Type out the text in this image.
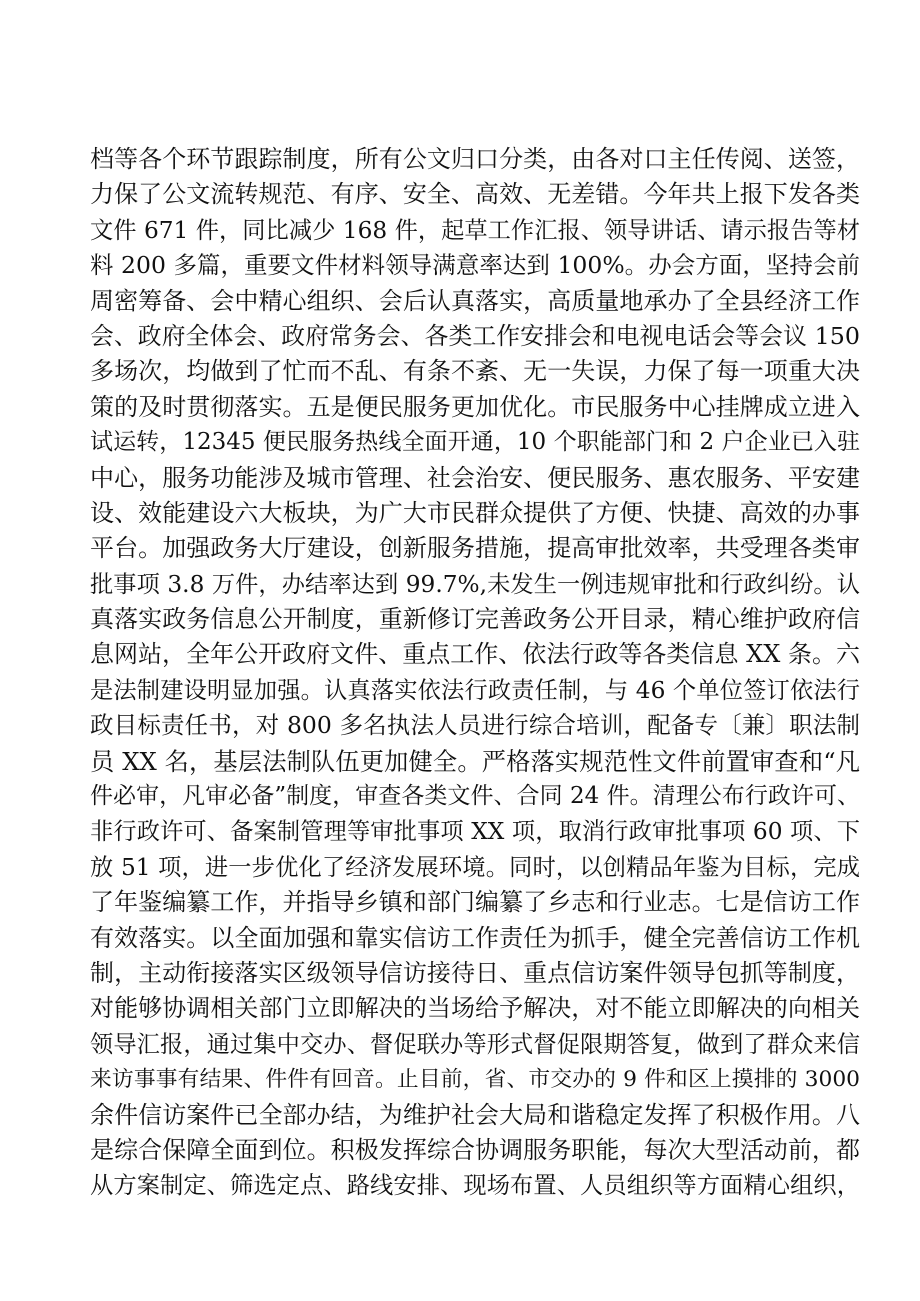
档等各个环节跟踪制度，所有公文归口分类，由各对口主任传阅、送签，
力保了公文流转规范、有序、安全、高效、无差错。今年共上报下发各类
文件 671 件，同比减少 168 件，起草工作汇报、领导讲话、请示报告等材
料 200 多篇，重要文件材料领导满意率达到 100%。办会方面，坚持会前
周密筹备、会中精心组织、会后认真落实，高质量地承办了全县经济工作
会、政府全体会、政府常务会、各类工作安排会和电视电话会等会议 150
多场次，均做到了忙而不乱、有条不紊、无一失误，力保了每一项重大决
策的及时贯彻落实。五是便民服务更加优化。市民服务中心挂牌成立进入
试运转，12345 便民服务热线全面开通，10 个职能部门和 2 户企业已入驻
中心，服务功能涉及城市管理、社会治安、便民服务、惠农服务、平安建
设、效能建设六大板块，为广大市民群众提供了方便、快捷、高效的办事
平台。加强政务大厅建设，创新服务措施，提高审批效率，共受理各类审
批事项 3.8 万件，办结率达到 99.7%,未发生一例违规审批和行政纠纷。认
真落实政务信息公开制度，重新修订完善政务公开目录，精心维护政府信
息网站，全年公开政府文件、重点工作、依法行政等各类信息 XX 条。六
是法制建设明显加强。认真落实依法行政责任制，与 46 个单位签订依法行
政目标责任书，对 800 多名执法人员进行综合培训，配备专〔兼〕职法制
员 XX 名，基层法制队伍更加健全。严格落实规范性文件前置审查和“凡
件必审，凡审必备”制度，审查各类文件、合同 24 件。清理公布行政许可、
非行政许可、备案制管理等审批事项 XX 项，取消行政审批事项 60 项、下
放 51 项，进一步优化了经济发展环境。同时，以创精品年鉴为目标，完成
了年鉴编纂工作，并指导乡镇和部门编纂了乡志和行业志。七是信访工作
有效落实。以全面加强和靠实信访工作责任为抓手，健全完善信访工作机
制，主动衔接落实区级领导信访接待日、重点信访案件领导包抓等制度，
对能够协调相关部门立即解决的当场给予解决，对不能立即解决的向相关
领导汇报，通过集中交办、督促联办等形式督促限期答复，做到了群众来信
来访事事有结果、件件有回音。止目前，省、市交办的 9 件和区上摸排的 3000
余件信访案件已全部办结，为维护社会大局和谐稳定发挥了积极作用。八
是综合保障全面到位。积极发挥综合协调服务职能，每次大型活动前，都
从方案制定、筛选定点、路线安排、现场布置、人员组织等方面精心组织，
